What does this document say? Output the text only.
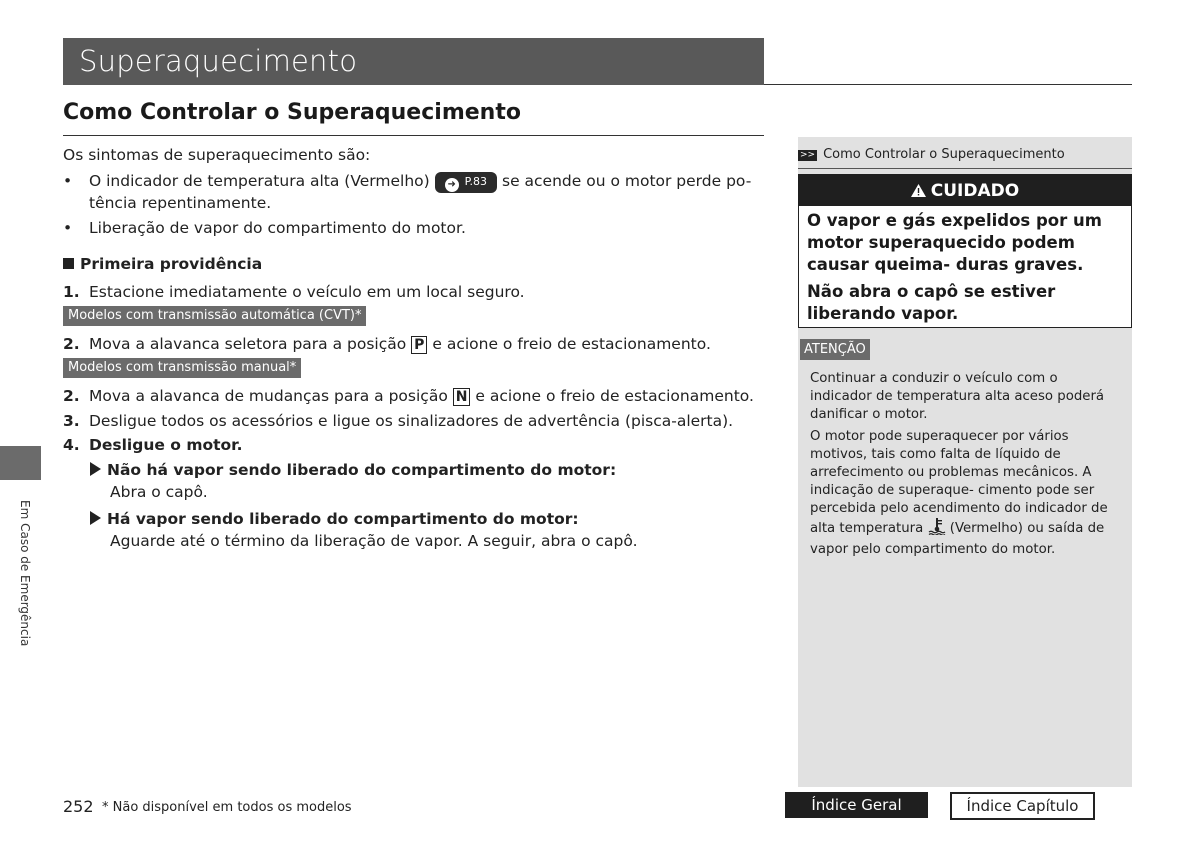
Superaquecimento
Como Controlar o Superaquecimento
Os sintomas de superaquecimento são:
• O indicador de temperatura alta (Vermelho) ➜ P.83 se acende ou o motor perde po-
tência repentinamente.
• Liberação de vapor do compartimento do motor.
Primeira providência
1. Estacione imediatamente o veículo em um local seguro.
Modelos com transmissão automática (CVT)*
2. Mova a alavanca seletora para a posição P e acione o freio de estacionamento.
Modelos com transmissão manual*
2. Mova a alavanca de mudanças para a posição N e acione o freio de estacionamento.
3. Desligue todos os acessórios e ligue os sinalizadores de advertência (pisca-alerta).
4. Desligue o motor.
Não há vapor sendo liberado do compartimento do motor:
Abra o capô.
Há vapor sendo liberado do compartimento do motor:
Aguarde até o término da liberação de vapor. A seguir, abra o capô.
Em Caso de Emergência
>> Como Controlar o Superaquecimento
CUIDADO
O vapor e gás expelidos por um motor superaquecido podem causar queima- duras graves.
Não abra o capô se estiver liberando vapor.
ATENÇÃO
Continuar a conduzir o veículo com o indicador de temperatura alta aceso poderá danificar o motor.
O motor pode superaquecer por vários motivos, tais como falta de líquido de arrefecimento ou problemas mecânicos. A indicação de superaque- cimento pode ser percebida pelo acendimento do indicador de alta temperatura (Vermelho) ou saída de vapor pelo compartimento do motor.
252 * Não disponível em todos os modelos	Índice Geral	Índice Capítulo
